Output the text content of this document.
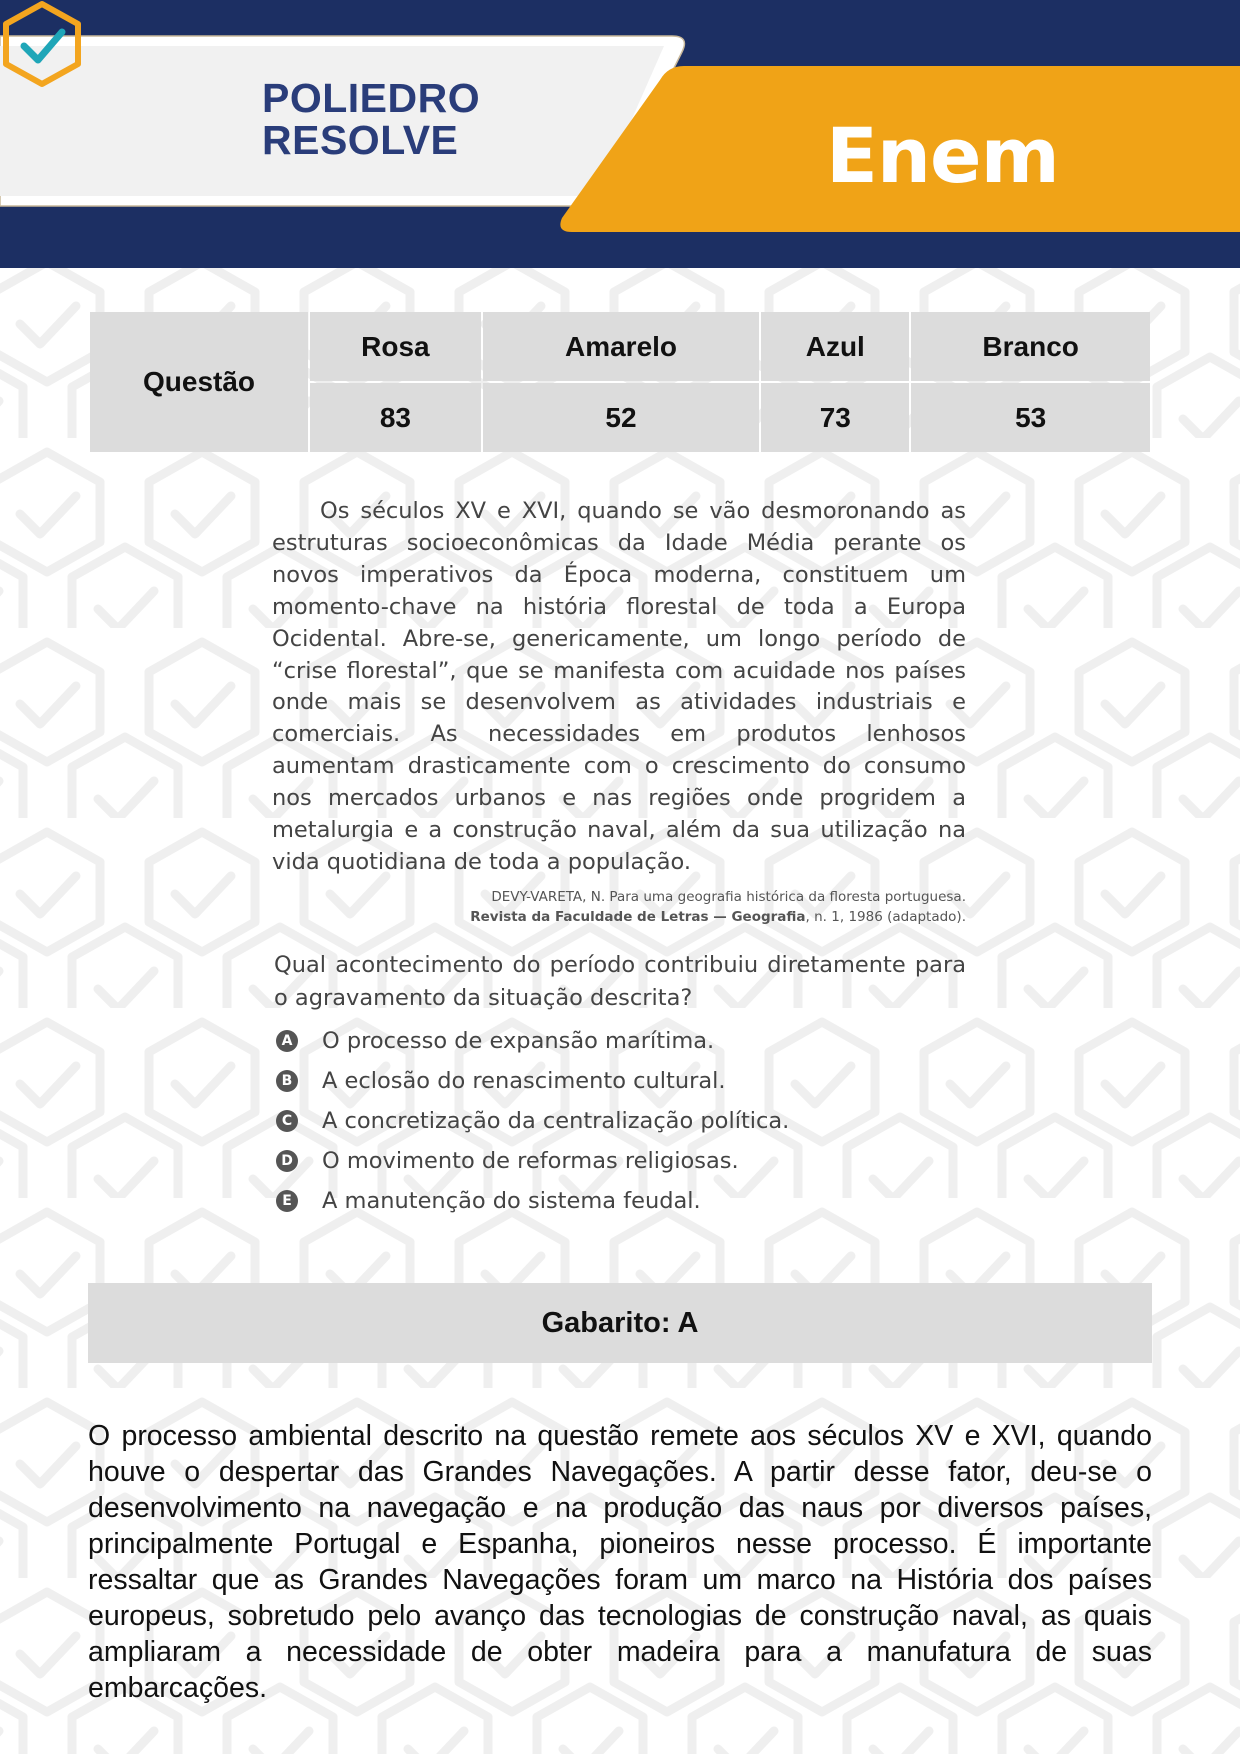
POLIEDRO
RESOLVE	Enem
Questão	Rosa	Amarelo	Azul	Branco
	83	52	73	53

Os séculos XV e XVI, quando se vão desmoronando as estruturas socioeconômicas da Idade Média perante os novos imperativos da Época moderna, constituem um momento-chave na história florestal de toda a Europa Ocidental. Abre-se, genericamente, um longo período de “crise florestal”, que se manifesta com acuidade nos países onde mais se desenvolvem as atividades industriais e comerciais. As necessidades em produtos lenhosos aumentam drasticamente com o crescimento do consumo nos mercados urbanos e nas regiões onde progridem a metalurgia e a construção naval, além da sua utilização na vida quotidiana de toda a população.

DEVY-VARETA, N. Para uma geografia histórica da floresta portuguesa.
Revista da Faculdade de Letras — Geografia, n. 1, 1986 (adaptado).

Qual acontecimento do período contribuiu diretamente para o agravamento da situação descrita?

A O processo de expansão marítima.
B A eclosão do renascimento cultural.
C A concretização da centralização política.
D O movimento de reformas religiosas.
E A manutenção do sistema feudal.
Gabarito: A

O processo ambiental descrito na questão remete aos séculos XV e XVI, quando houve o despertar das Grandes Navegações. A partir desse fator, deu-se o desenvolvimento na navegação e na produção das naus por diversos países, principalmente Portugal e Espanha, pioneiros nesse processo. É importante ressaltar que as Grandes Navegações foram um marco na História dos países europeus, sobretudo pelo avanço das tecnologias de construção naval, as quais ampliaram a necessidade de obter madeira para a manufatura de suas embarcações.
